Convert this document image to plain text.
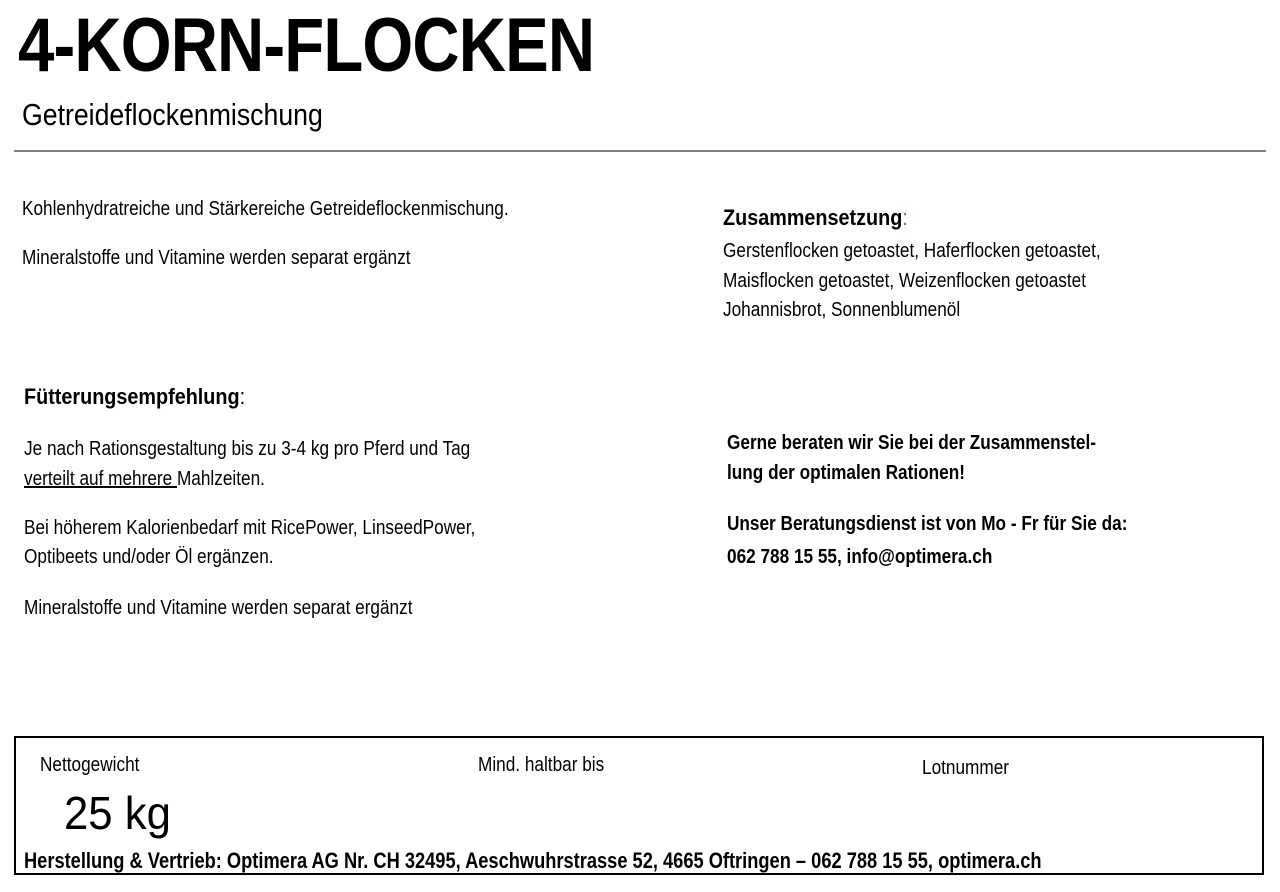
4-KORN-FLOCKEN
Getreideflockenmischung
Kohlenhydratreiche und Stärkereiche Getreideflockenmischung.
Mineralstoffe und Vitamine werden separat ergänzt
Zusammensetzung:
Gerstenflocken getoastet, Haferflocken getoastet,
Maisflocken getoastet, Weizenflocken getoastet
Johannisbrot, Sonnenblumenöl
Fütterungsempfehlung:
Je nach Rationsgestaltung bis zu 3-4 kg pro Pferd und Tag
verteilt auf mehrere Mahlzeiten.
Bei höherem Kalorienbedarf mit RicePower, LinseedPower,
Optibeets und/oder Öl ergänzen.
Mineralstoffe und Vitamine werden separat ergänzt
Gerne beraten wir Sie bei der Zusammenstel-
lung der optimalen Rationen!
Unser Beratungsdienst ist von Mo - Fr für Sie da:
062 788 15 55, info@optimera.ch
Nettogewicht
25 kg
Mind. haltbar bis	Lotnummer
Herstellung & Vertrieb: Optimera AG Nr. CH 32495, Aeschwuhrstrasse 52, 4665 Oftringen – 062 788 15 55, optimera.ch
